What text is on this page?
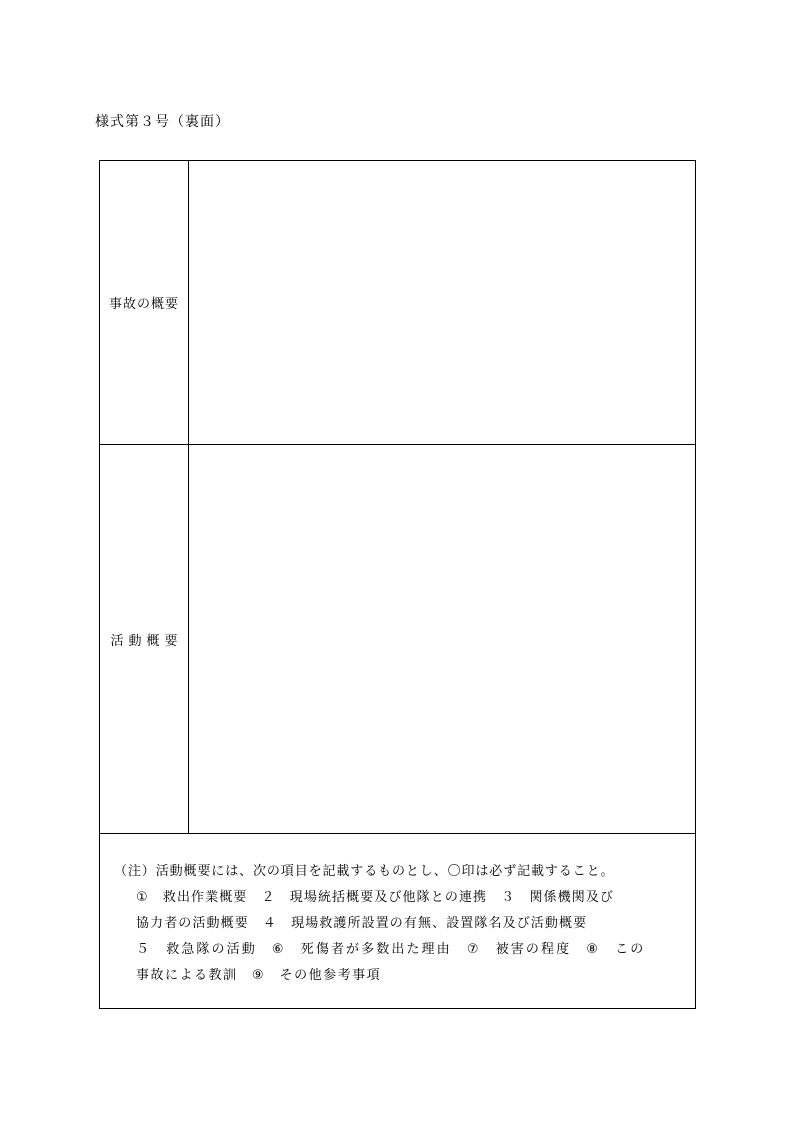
様式第３号（裏面）
事故の概要
活動概要
（注）活動概要には、次の項目を記載するものとし、〇印は必ず記載すること。
①　救出作業概要　２　現場統括概要及び他隊との連携　３　関係機関及び
協力者の活動概要　４　現場救護所設置の有無、設置隊名及び活動概要
５　救急隊の活動　⑥　死傷者が多数出た理由　⑦　被害の程度　⑧　この
事故による教訓　⑨　その他参考事項
